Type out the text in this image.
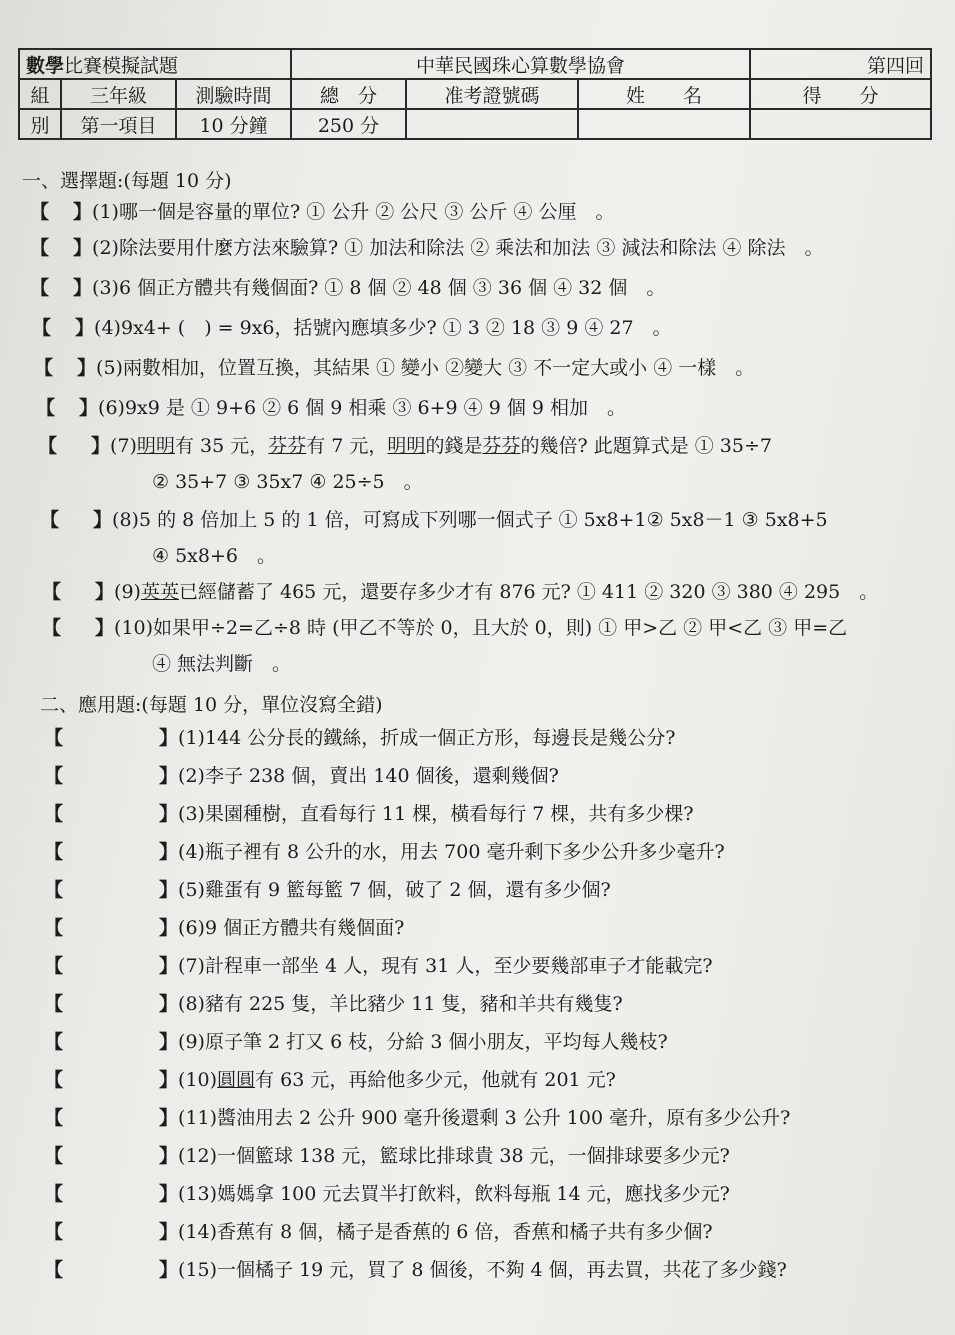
數學比賽模擬試題			中華民國珠心算數學協會			第四回
組	三年級	測驗時間	總　分	准考證號碼	姓　　名	得　　分
別	第一項目	10 分鐘	250 分			
一、選擇題:(每題 10 分)
【 】(1)哪一個是容量的單位? ① 公升 ② 公尺 ③ 公斤 ④ 公厘　。
【 】(2)除法要用什麼方法來驗算? ① 加法和除法 ② 乘法和加法 ③ 減法和除法 ④ 除法　。
【 】(3)6 個正方體共有幾個面? ① 8 個 ② 48 個 ③ 36 個 ④ 32 個　。
【 】(4)9x4+ (　) = 9x6，括號內應填多少? ① 3 ② 18 ③ 9 ④ 27　。
【 】(5)兩數相加，位置互換，其結果 ① 變小 ②變大 ③ 不一定大或小 ④ 一樣　。
【 】(6)9x9 是 ① 9+6 ② 6 個 9 相乘 ③ 6+9 ④ 9 個 9 相加　。
【 】(7)明明有 35 元，芬芬有 7 元，明明的錢是芬芬的幾倍? 此題算式是 ① 35÷7
② 35+7 ③ 35x7 ④ 25÷5　。
【 】(8)5 的 8 倍加上 5 的 1 倍，可寫成下列哪一個式子 ① 5x8+1② 5x8－1 ③ 5x8+5
④ 5x8+6　。
【 】(9)英英已經儲蓄了 465 元，還要存多少才有 876 元? ① 411 ② 320 ③ 380 ④ 295　。
【 】(10)如果甲÷2=乙÷8 時 (甲乙不等於 0，且大於 0，則) ① 甲>乙 ② 甲<乙 ③ 甲=乙
④ 無法判斷　。
二、應用題:(每題 10 分，單位沒寫全錯)
【	】(1)144 公分長的鐵絲，折成一個正方形，每邊長是幾公分?
【	】(2)李子 238 個，賣出 140 個後，還剩幾個?
【	】(3)果園種樹，直看每行 11 棵，橫看每行 7 棵，共有多少棵?
【	】(4)瓶子裡有 8 公升的水，用去 700 毫升剩下多少公升多少毫升?
【	】(5)雞蛋有 9 籃每籃 7 個，破了 2 個，還有多少個?
【	】(6)9 個正方體共有幾個面?
【	】(7)計程車一部坐 4 人，現有 31 人，至少要幾部車子才能載完?
【	】(8)豬有 225 隻，羊比豬少 11 隻，豬和羊共有幾隻?
【	】(9)原子筆 2 打又 6 枝，分給 3 個小朋友，平均每人幾枝?
【	】(10)圓圓有 63 元，再給他多少元，他就有 201 元?
【	】(11)醬油用去 2 公升 900 毫升後還剩 3 公升 100 毫升，原有多少公升?
【	】(12)一個籃球 138 元，籃球比排球貴 38 元，一個排球要多少元?
【	】(13)媽媽拿 100 元去買半打飲料，飲料每瓶 14 元，應找多少元?
【	】(14)香蕉有 8 個，橘子是香蕉的 6 倍，香蕉和橘子共有多少個?
【	】(15)一個橘子 19 元，買了 8 個後，不夠 4 個，再去買，共花了多少錢?
